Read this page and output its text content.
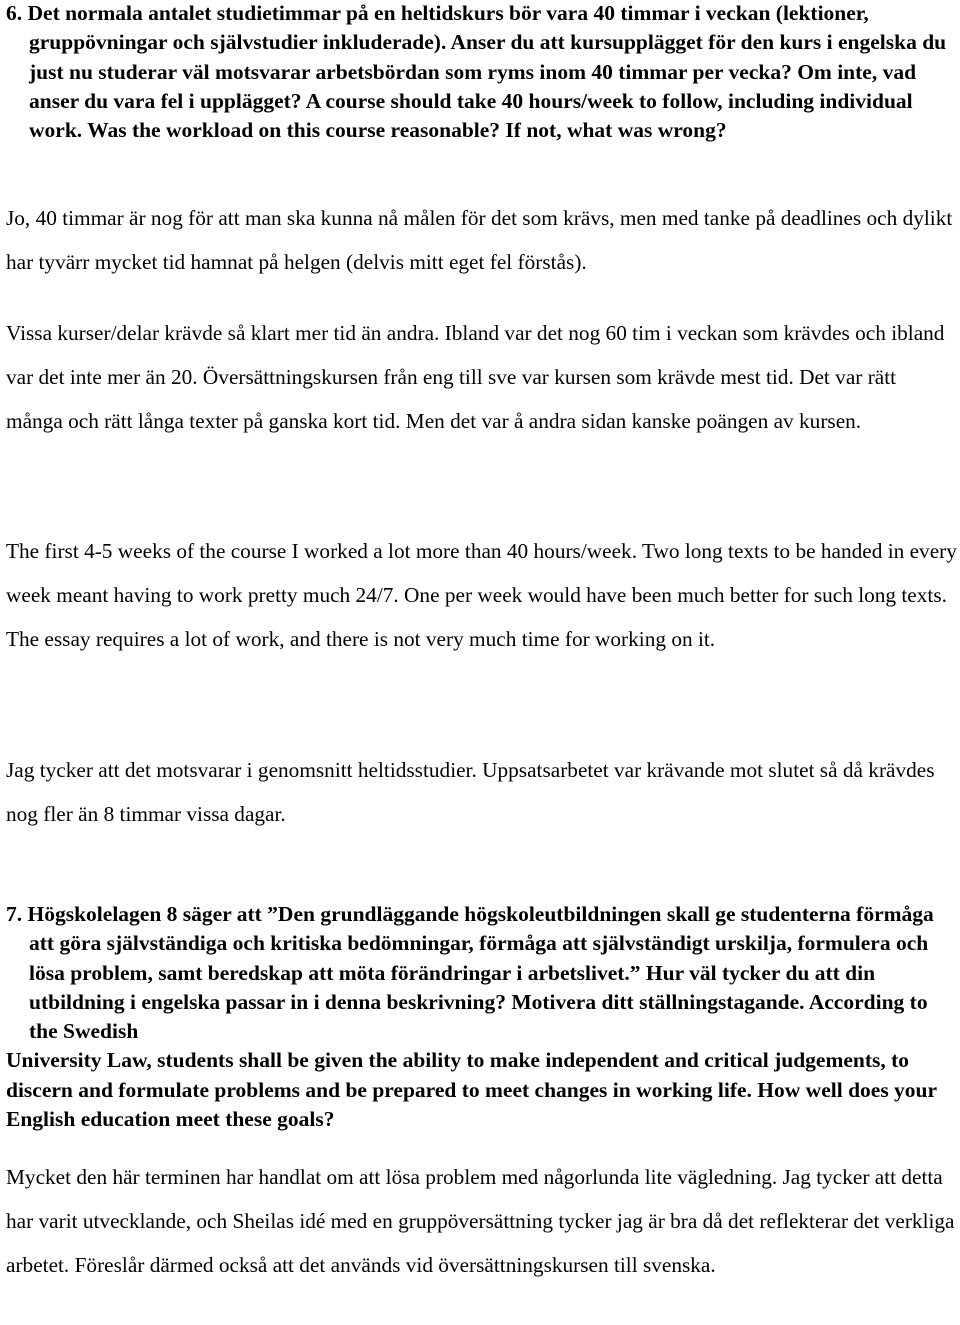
6. Det normala antalet studietimmar på en heltidskurs bör vara 40 timmar i veckan (lektioner, gruppövningar och självstudier inkluderade). Anser du att kursupplägget för den kurs i engelska du just nu studerar väl motsvarar arbetsbördan som ryms inom 40 timmar per vecka? Om inte, vad anser du vara fel i upplägget? A course should take 40 hours/week to follow, including individual work. Was the workload on this course reasonable? If not, what was wrong?

Jo, 40 timmar är nog för att man ska kunna nå målen för det som krävs, men med tanke på deadlines och dylikt har tyvärr mycket tid hamnat på helgen (delvis mitt eget fel förstås).

Vissa kurser/delar krävde så klart mer tid än andra. Ibland var det nog 60 tim i veckan som krävdes och ibland var det inte mer än 20. Översättningskursen från eng till sve var kursen som krävde mest tid. Det var rätt många och rätt långa texter på ganska kort tid. Men det var å andra sidan kanske poängen av kursen.

The first 4-5 weeks of the course I worked a lot more than 40 hours/week. Two long texts to be handed in every week meant having to work pretty much 24/7. One per week would have been much better for such long texts. The essay requires a lot of work, and there is not very much time for working on it.

Jag tycker att det motsvarar i genomsnitt heltidsstudier. Uppsatsarbetet var krävande mot slutet så då krävdes nog fler än 8 timmar vissa dagar.

7. Högskolelagen 8 säger att ”Den grundläggande högskoleutbildningen skall ge studenterna förmåga att göra självständiga och kritiska bedömningar, förmåga att självständigt urskilja, formulera och lösa problem, samt beredskap att möta förändringar i arbetslivet.” Hur väl tycker du att din utbildning i engelska passar in i denna beskrivning? Motivera ditt ställningstagande. According to the Swedish
University Law, students shall be given the ability to make independent and critical judgements, to discern and formulate problems and be prepared to meet changes in working life. How well does your English education meet these goals?

Mycket den här terminen har handlat om att lösa problem med någorlunda lite vägledning. Jag tycker att detta har varit utvecklande, och Sheilas idé med en gruppöversättning tycker jag är bra då det reflekterar det verkliga arbetet. Föreslår därmed också att det används vid översättningskursen till svenska.
